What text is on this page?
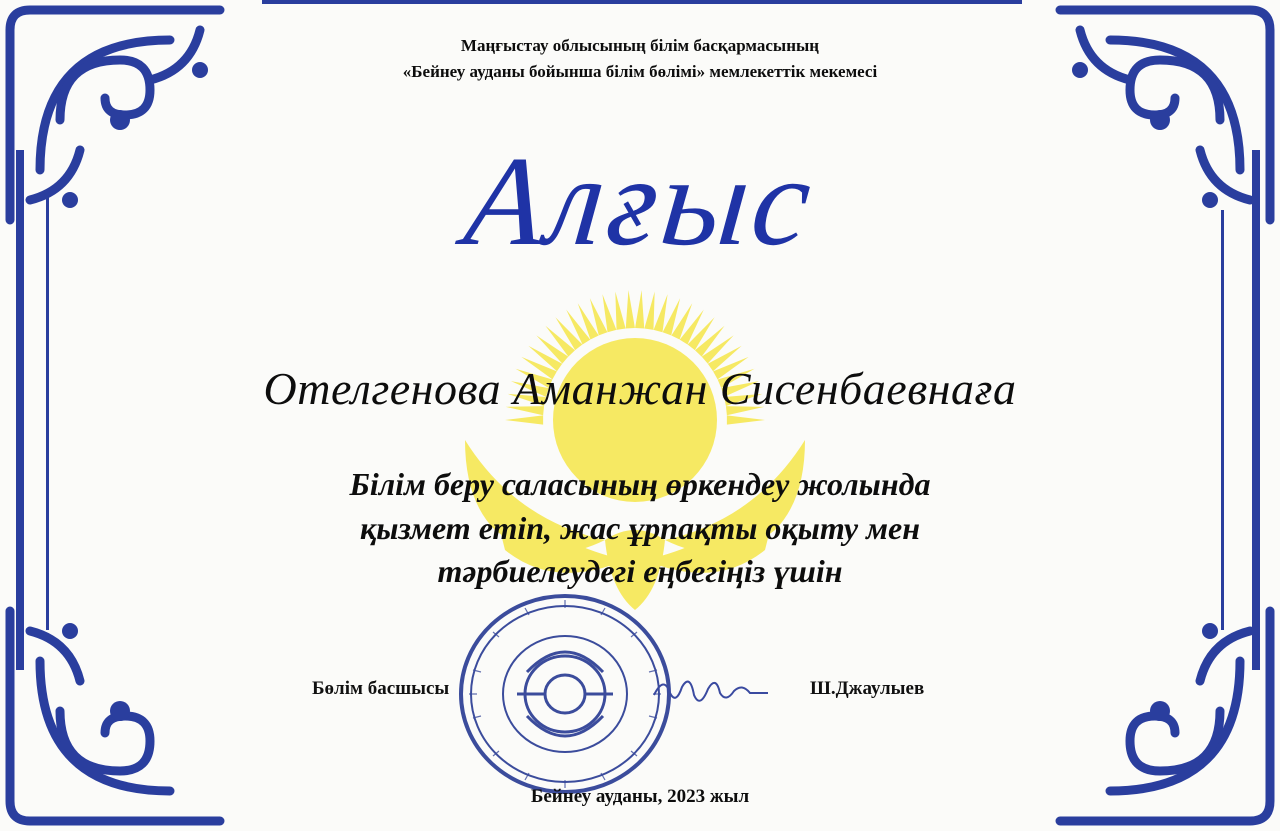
Маңғыстау облысының білім басқармасының
«Бейнеу ауданы бойынша білім бөлімі» мемлекеттік мекемесі
Алғыс
Отелгенова Аманжан Сисенбаевнаға
Білім беру саласының өркендеу жолында
қызмет етіп, жас ұрпақты оқыту мен
тәрбиелеудегі еңбегіңіз үшін
Бөлім басшысы	Ш.Джаулыев
Бейнеу ауданы, 2023 жыл
